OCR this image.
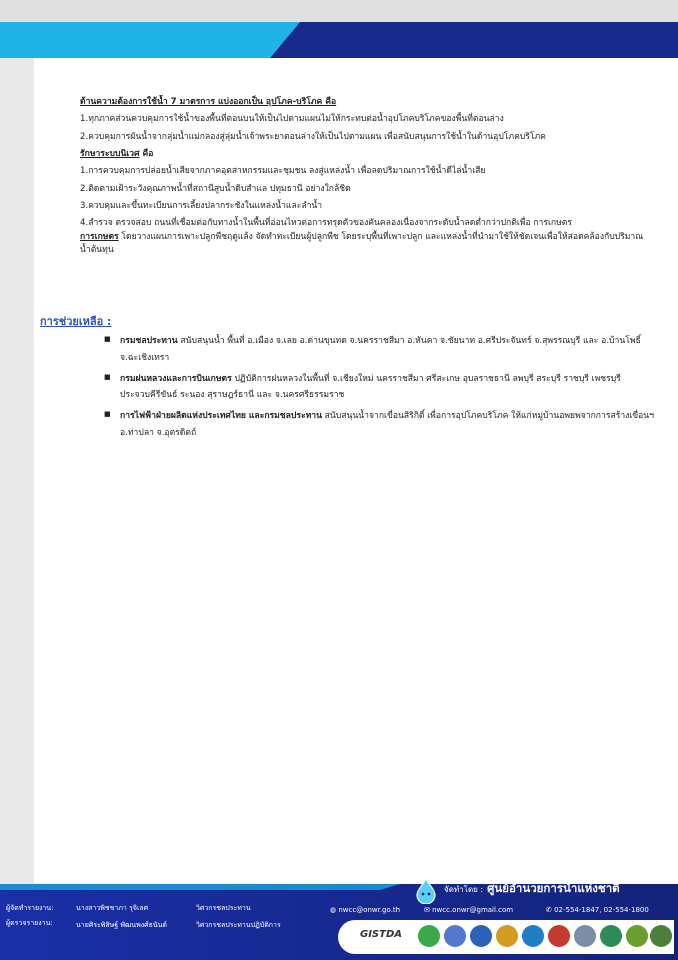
ด้านความต้องการใช้น้ำ 7 มาตรการ แบ่งออกเป็น อุปโภค-บริโภค คือ

1.ทุกภาคส่วนควบคุมการใช้น้ำของพื้นที่ตอนบนให้เป็นไปตามแผนไม่ให้กระทบต่อน้ำอุปโภคบริโภคของพื้นที่ตอนล่าง

2.ควบคุมการผันน้ำจากลุ่มน้ำแม่กลองสู่ลุ่มน้ำเจ้าพระยาตอนล่างให้เป็นไปตามแผน เพื่อสนับสนุนการใช้น้ำในด้านอุปโภคบริโภค

รักษาระบบนิเวศ คือ

1.การควบคุมการปล่อยน้ำเสียจากภาคอุตสาหกรรมและชุมชน ลงสู่แหล่งน้ำ เพื่อลดปริมาณการใช้น้ำดีไล่น้ำเสีย

2.ติดตามเฝ้าระวังคุณภาพน้ำที่สถานีสูบน้ำดิบสำแล ปทุมธานี อย่างใกล้ชิด

3.ควบคุมและขึ้นทะเบียนการเลี้ยงปลากระชังในแหล่งน้ำและลำน้ำ

4.สำรวจ ตรวจสอบ ถนนที่เชื่อมต่อกับทางน้ำในพื้นที่อ่อนไหวต่อการทรุดตัวของคันคลองเนื่องจากระดับน้ำลดต่ำกว่าปกติเพื่อ การเกษตร
การเกษตร โดยวางแผนการเพาะปลูกพืชฤดูแล้ง จัดทำทะเบียนผู้ปลูกพืช โดยระบุพื้นที่เพาะปลูก และแหล่งน้ำที่นำมาใช้ให้ชัดเจนเพื่อให้สอดคล้องกับปริมาณน้ำต้นทุน

การช่วยเหลือ :
■ กรมชลประทาน สนับสนุนน้ำ พื้นที่ อ.เมือง จ.เลย อ.ด่านขุนทด จ.นครราชสีมา อ.หันคา จ.ชัยนาท อ.ศรีประจันทร์ จ.สุพรรณบุรี และ อ.บ้านโพธิ์ จ.ฉะเชิงเทรา
■ กรมฝนหลวงและการบินเกษตร ปฏิบัติการฝนหลวงในพื้นที่ จ.เชียงใหม่ นครราชสีมา ศรีสะเกษ อุบลราชธานี ลพบุรี สระบุรี ราชบุรี เพชรบุรี ประจวบคีรีขันธ์ ระนอง สุราษฎร์ธานี และ จ.นครศรีธรรมราช
■ การไฟฟ้าฝ่ายผลิตแห่งประเทศไทย และกรมชลประทาน สนับสนุนน้ำจากเขื่อนสิริกิติ์ เพื่อการอุปโภคบริโภค ให้แก่หมู่บ้านอพยพจากการสร้างเขื่อนฯ อ.ท่าปลา จ.อุตรดิตถ์
จัดทำโดย : ศูนย์อำนวยการน้ำแห่งชาติ
ผู้จัดทำรายงาน:	นางสาวพิชชาภา รุจิเลศ	วิศวกรชลประทาน
ผู้ตรวจรายงาน:	นายศิระพิสิษฐ์ พัฒนพงศ์ธนันต์	วิศวกรชลประทานปฏิบัติการ
◍ nwcc@onwr.go.th	✉ nwcc.onwr@gmail.com	✆ 02-554-1847, 02-554-1800
GISTDA
